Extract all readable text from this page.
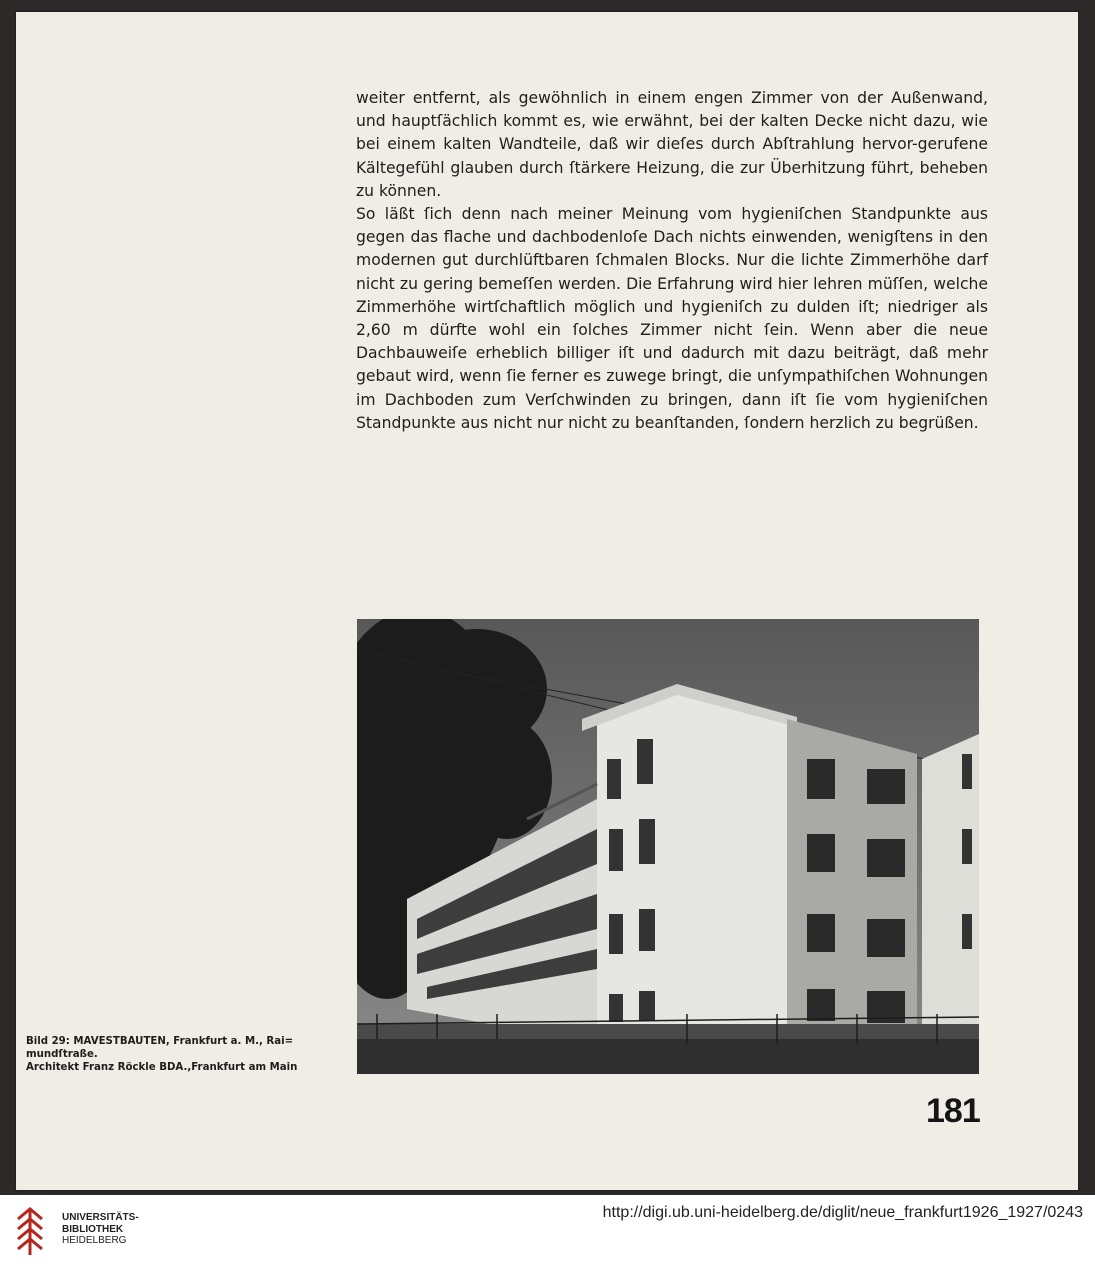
weiter entfernt, als gewöhnlich in einem engen Zimmer von der Außenwand, und hauptſächlich kommt es, wie erwähnt, bei der kalten Decke nicht dazu, wie bei einem kalten Wandteile, daß wir dieſes durch Abſtrahlung hervor-gerufene Kältegefühl glauben durch ſtärkere Heizung, die zur Überhitzung führt, beheben zu können.

So läßt ſich denn nach meiner Meinung vom hygieniſchen Standpunkte aus gegen das flache und dachbodenloſe Dach nichts einwenden, wenigſtens in den modernen gut durchlüftbaren ſchmalen Blocks. Nur die lichte Zimmerhöhe darf nicht zu gering bemeſſen werden. Die Erfahrung wird hier lehren müſſen, welche Zimmerhöhe wirtſchaftlich möglich und hygieniſch zu dulden iſt; niedriger als 2,60 m dürfte wohl ein ſolches Zimmer nicht ſein. Wenn aber die neue Dachbauweiſe erheblich billiger iſt und dadurch mit dazu beiträgt, daß mehr gebaut wird, wenn ſie ferner es zuwege bringt, die unſympathiſchen Wohnungen im Dachboden zum Verſchwinden zu bringen, dann iſt ſie vom hygieniſchen Standpunkte aus nicht nur nicht zu beanſtanden, ſondern herzlich zu begrüßen.

Bild 29: MAVESTBAUTEN, Frankfurt a. M., Rai=
mundſtraße.
Architekt Franz Röckle BDA.,Frankfurt am Main
181
UNIVERSITÄTS-
BIBLIOTHEK
HEIDELBERG
http://digi.ub.uni-heidelberg.de/diglit/neue_frankfurt1926_1927/0243
